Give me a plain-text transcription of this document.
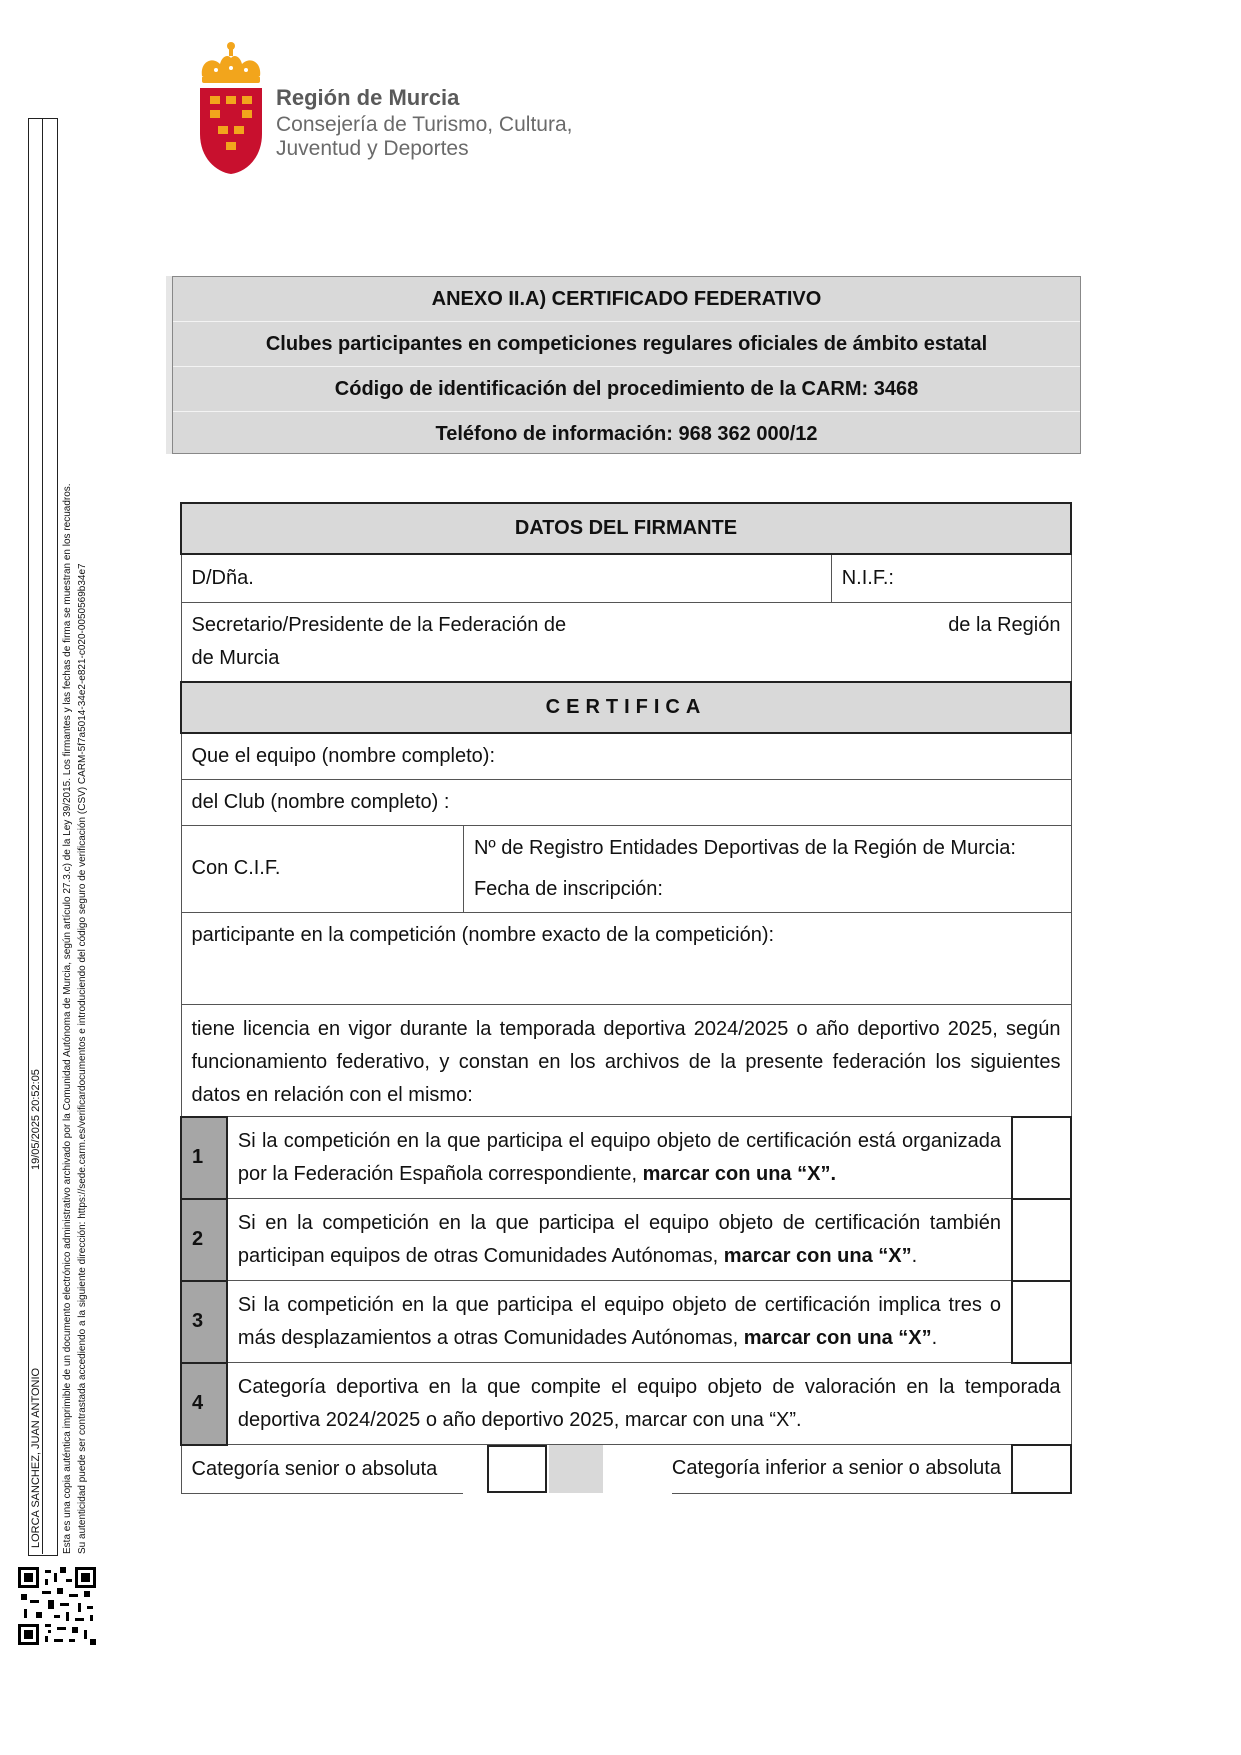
Región de Murcia
Consejería de Turismo, Cultura,
Juventud y Deportes
LORCA SANCHEZ, JUAN ANTONIO
19/05/2025 20:52:05 Esta es una copia auténtica imprimible de un documento electrónico administrativo archivado por la Comunidad Autónoma de Murcia, según artículo 27.3.c) de la Ley 39/2015. Los firmantes y las fechas de firma se muestran en los recuadros. Su autenticidad puede ser contrastada accediendo a la siguiente dirección: https://sede.carm.es/verificardocumentos e introduciendo del código seguro de verificación (CSV) CARM-5f7a5014-34e2-e821-c020-0050569b34e7
ANEXO II.A) CERTIFICADO FEDERATIVO
Clubes participantes en competiciones regulares oficiales de ámbito estatal
Código de identificación del procedimiento de la CARM: 3468
Teléfono de información: 968 362 000/12
DATOS DEL FIRMANTE					
D/Dña.				N.I.F.:	

Secretario/Presidente de la Federación de de la Región
de Murcia					

CERTIFICA					
Que el equipo (nombre completo):					
del Club (nombre completo) :					
Con C.I.F.		Nº de Registro Entidades Deportivas de la Región de Murcia:
Fecha de inscripción:			

participante en la competición (nombre exacto de la competición):					
tiene licencia en vigor durante la temporada deportiva 2024/2025 o año deportivo 2025, según funcionamiento federativo, y constan en los archivos de la presente federación los siguientes datos en relación con el mismo:					
1	Si la competición en la que participa el equipo objeto de certificación está organizada por la Federación Española correspondiente, marcar con una “X”.				
2	Si en la competición en la que participa el equipo objeto de certificación también participan equipos de otras Comunidades Autónomas, marcar con una “X”.				
3	Si la competición en la que participa el equipo objeto de certificación implica tres o más desplazamientos a otras Comunidades Autónomas, marcar con una “X”.				
4	Categoría deportiva en la que compite el equipo objeto de valoración en la temporada deportiva 2024/2025 o año deportivo 2025, marcar con una “X”.				
Categoría senior o absoluta			Categoría inferior a senior o absoluta		
